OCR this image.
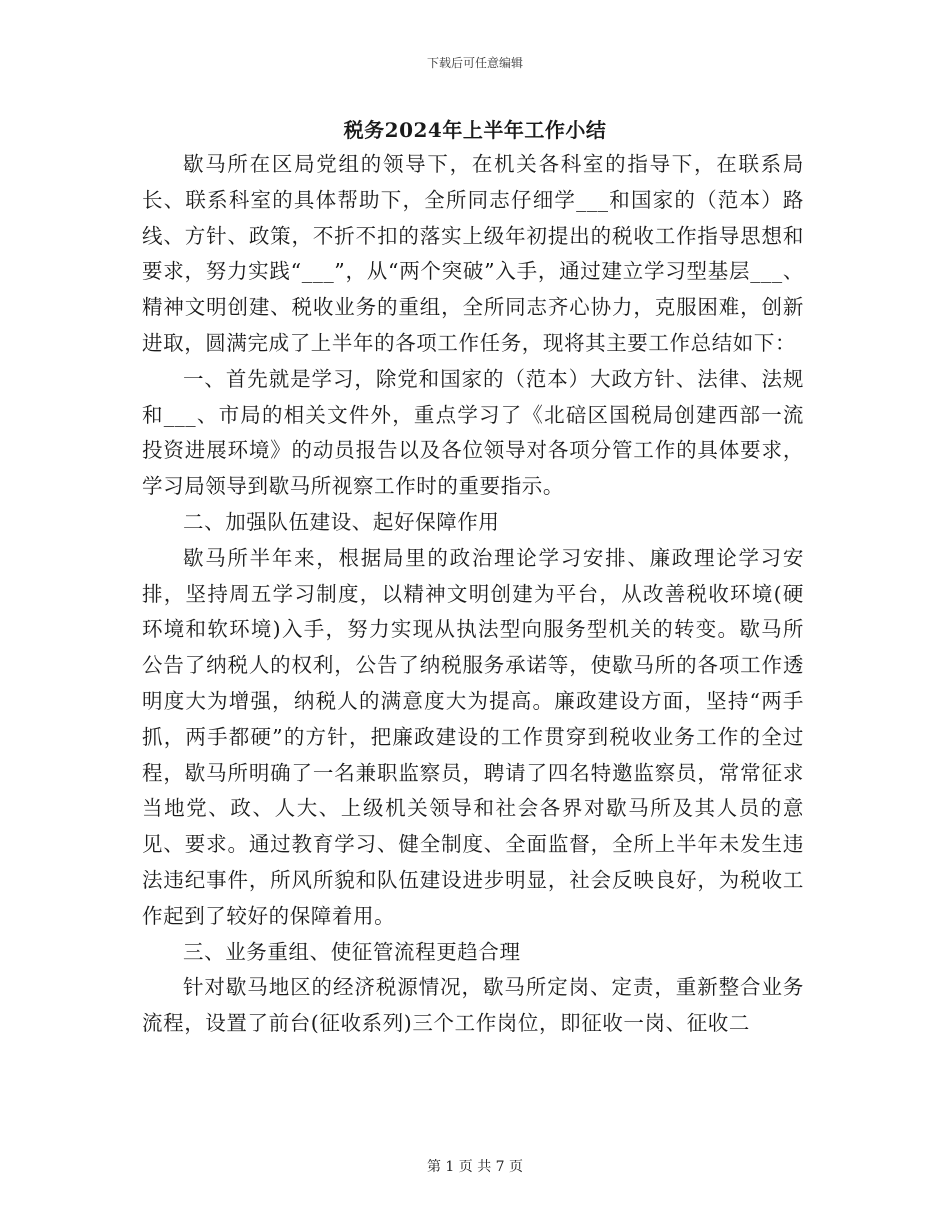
下载后可任意编辑
税务2024年上半年工作小结

歇马所在区局党组的领导下，在机关各科室的指导下，在联系局长、联系科室的具体帮助下，全所同志仔细学___和国家的（范本）路线、方针、政策，不折不扣的落实上级年初提出的税收工作指导思想和要求，努力实践“___”，从“两个突破”入手，通过建立学习型基层___、精神文明创建、税收业务的重组，全所同志齐心协力，克服困难，创新进取，圆满完成了上半年的各项工作任务，现将其主要工作总结如下：

一、首先就是学习，除党和国家的（范本）大政方针、法律、法规和___、市局的相关文件外，重点学习了《北碚区国税局创建西部一流投资进展环境》的动员报告以及各位领导对各项分管工作的具体要求，学习局领导到歇马所视察工作时的重要指示。

二、加强队伍建设、起好保障作用

歇马所半年来，根据局里的政治理论学习安排、廉政理论学习安排，坚持周五学习制度，以精神文明创建为平台，从改善税收环境(硬环境和软环境)入手，努力实现从执法型向服务型机关的转变。歇马所公告了纳税人的权利，公告了纳税服务承诺等，使歇马所的各项工作透明度大为增强，纳税人的满意度大为提高。廉政建设方面，坚持“两手抓，两手都硬”的方针，把廉政建设的工作贯穿到税收业务工作的全过程，歇马所明确了一名兼职监察员，聘请了四名特邀监察员，常常征求当地党、政、人大、上级机关领导和社会各界对歇马所及其人员的意见、要求。通过教育学习、健全制度、全面监督，全所上半年未发生违法违纪事件，所风所貌和队伍建设进步明显，社会反映良好，为税收工作起到了较好的保障着用。

三、业务重组、使征管流程更趋合理

针对歇马地区的经济税源情况，歇马所定岗、定责，重新整合业务流程，设置了前台(征收系列)三个工作岗位，即征收一岗、征收二

第 1 页 共 7 页
